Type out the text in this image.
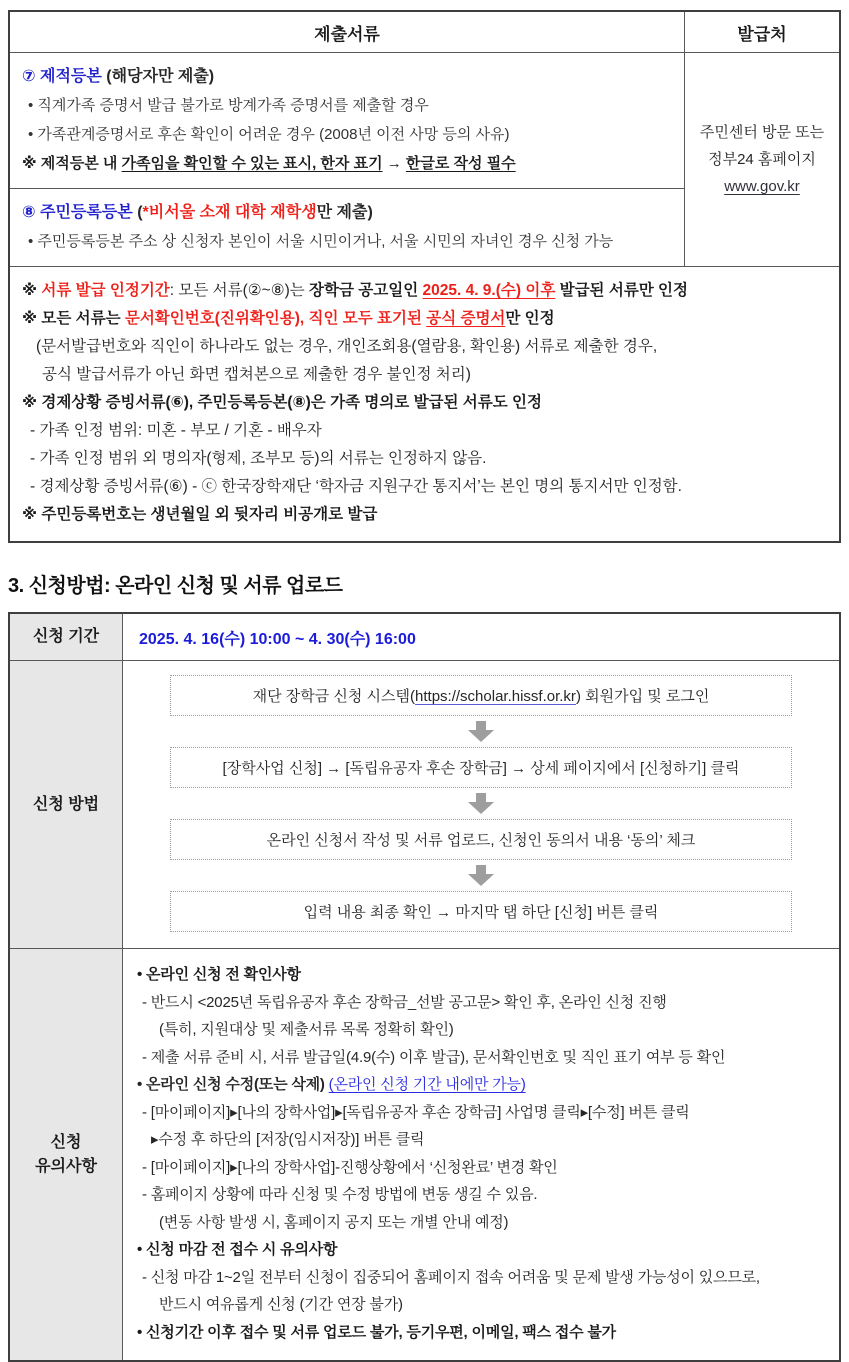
제출서류	발급처
⑦ 제적등본 (해당자만 제출)
• 직계가족 증명서 발급 불가로 방계가족 증명서를 제출할 경우
• 가족관계증명서로 후손 확인이 어려운 경우 (2008년 이전 사망 등의 사유)
※ 제적등본 내 가족임을 확인할 수 있는 표시, 한자 표기 → 한글로 작성 필수
⑧ 주민등록등본 (*비서울 소재 대학 재학생만 제출)
• 주민등록등본 주소 상 신청자 본인이 서울 시민이거나, 서울 시민의 자녀인 경우 신청 가능
주민센터 방문 또는
정부24 홈페이지
www.gov.kr
※ 서류 발급 인정기간: 모든 서류(②~⑧)는 장학금 공고일인 2025. 4. 9.(수) 이후 발급된 서류만 인정
※ 모든 서류는 문서확인번호(진위확인용), 직인 모두 표기된 공식 증명서만 인정
(문서발급번호와 직인이 하나라도 없는 경우, 개인조회용(열람용, 확인용) 서류로 제출한 경우,
공식 발급서류가 아닌 화면 캡쳐본으로 제출한 경우 불인정 처리)
※ 경제상황 증빙서류(⑥), 주민등록등본(⑧)은 가족 명의로 발급된 서류도 인정
- 가족 인정 범위: 미혼 - 부모 / 기혼 - 배우자
- 가족 인정 범위 외 명의자(형제, 조부모 등)의 서류는 인정하지 않음.
- 경제상황 증빙서류(⑥) - ⓒ 한국장학재단 ‘학자금 지원구간 통지서’는 본인 명의 통지서만 인정함.
※ 주민등록번호는 생년월일 외 뒷자리 비공개로 발급
3. 신청방법: 온라인 신청 및 서류 업로드
신청 기간	2025. 4. 16(수) 10:00 ~ 4. 30(수) 16:00
신청 방법
재단 장학금 신청 시스템(https://scholar.hissf.or.kr) 회원가입 및 로그인
[장학사업 신청] → [독립유공자 후손 장학금] → 상세 페이지에서 [신청하기] 클릭
온라인 신청서 작성 및 서류 업로드, 신청인 동의서 내용 ‘동의’ 체크
입력 내용 최종 확인 → 마지막 탭 하단 [신청] 버튼 클릭
신청
유의사항
• 온라인 신청 전 확인사항
- 반드시 <2025년 독립유공자 후손 장학금_선발 공고문> 확인 후, 온라인 신청 진행
(특히, 지원대상 및 제출서류 목록 정확히 확인)
- 제출 서류 준비 시, 서류 발급일(4.9(수) 이후 발급), 문서확인번호 및 직인 표기 여부 등 확인
• 온라인 신청 수정(또는 삭제) (온라인 신청 기간 내에만 가능)
- [마이페이지]▸[나의 장학사업]▸[독립유공자 후손 장학금] 사업명 클릭▸[수정] 버튼 클릭
▸수정 후 하단의 [저장(임시저장)] 버튼 클릭
- [마이페이지]▸[나의 장학사업]-진행상황에서 ‘신청완료’ 변경 확인
- 홈페이지 상황에 따라 신청 및 수정 방법에 변동 생길 수 있음.
(변동 사항 발생 시, 홈페이지 공지 또는 개별 안내 예정)
• 신청 마감 전 접수 시 유의사항
- 신청 마감 1~2일 전부터 신청이 집중되어 홈페이지 접속 어려움 및 문제 발생 가능성이 있으므로,
반드시 여유롭게 신청 (기간 연장 불가)
• 신청기간 이후 접수 및 서류 업로드 불가, 등기우편, 이메일, 팩스 접수 불가
